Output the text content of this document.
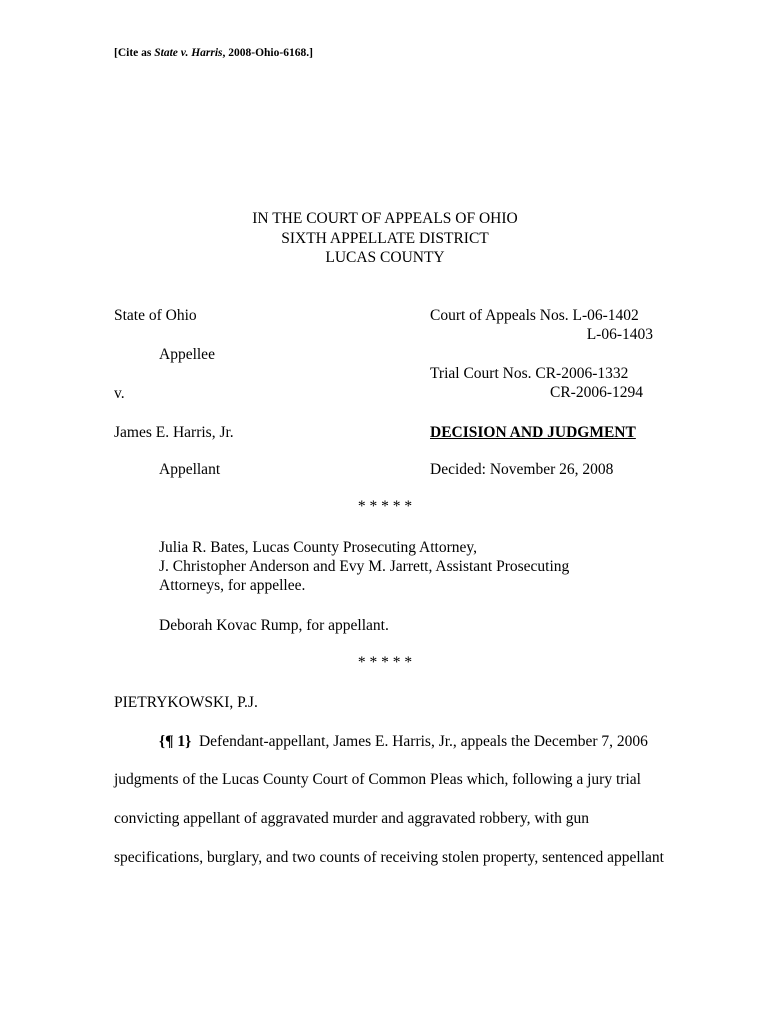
[Cite as State v. Harris, 2008-Ohio-6168.]
IN THE COURT OF APPEALS OF OHIO
SIXTH APPELLATE DISTRICT
LUCAS COUNTY
State of Ohio
Appellee
v.
James E. Harris, Jr.
Appellant
Court of Appeals Nos. L-06-1402
L-06-1403
Trial Court Nos. CR-2006-1332
CR-2006-1294
DECISION AND JUDGMENT
Decided: November 26, 2008
* * * * *
Julia R. Bates, Lucas County Prosecuting Attorney,
J. Christopher Anderson and Evy M. Jarrett, Assistant Prosecuting
Attorneys, for appellee.
Deborah Kovac Rump, for appellant.
* * * * *
PIETRYKOWSKI, P.J.
{¶ 1} Defendant-appellant, James E. Harris, Jr., appeals the December 7, 2006
judgments of the Lucas County Court of Common Pleas which, following a jury trial
convicting appellant of aggravated murder and aggravated robbery, with gun
specifications, burglary, and two counts of receiving stolen property, sentenced appellant
